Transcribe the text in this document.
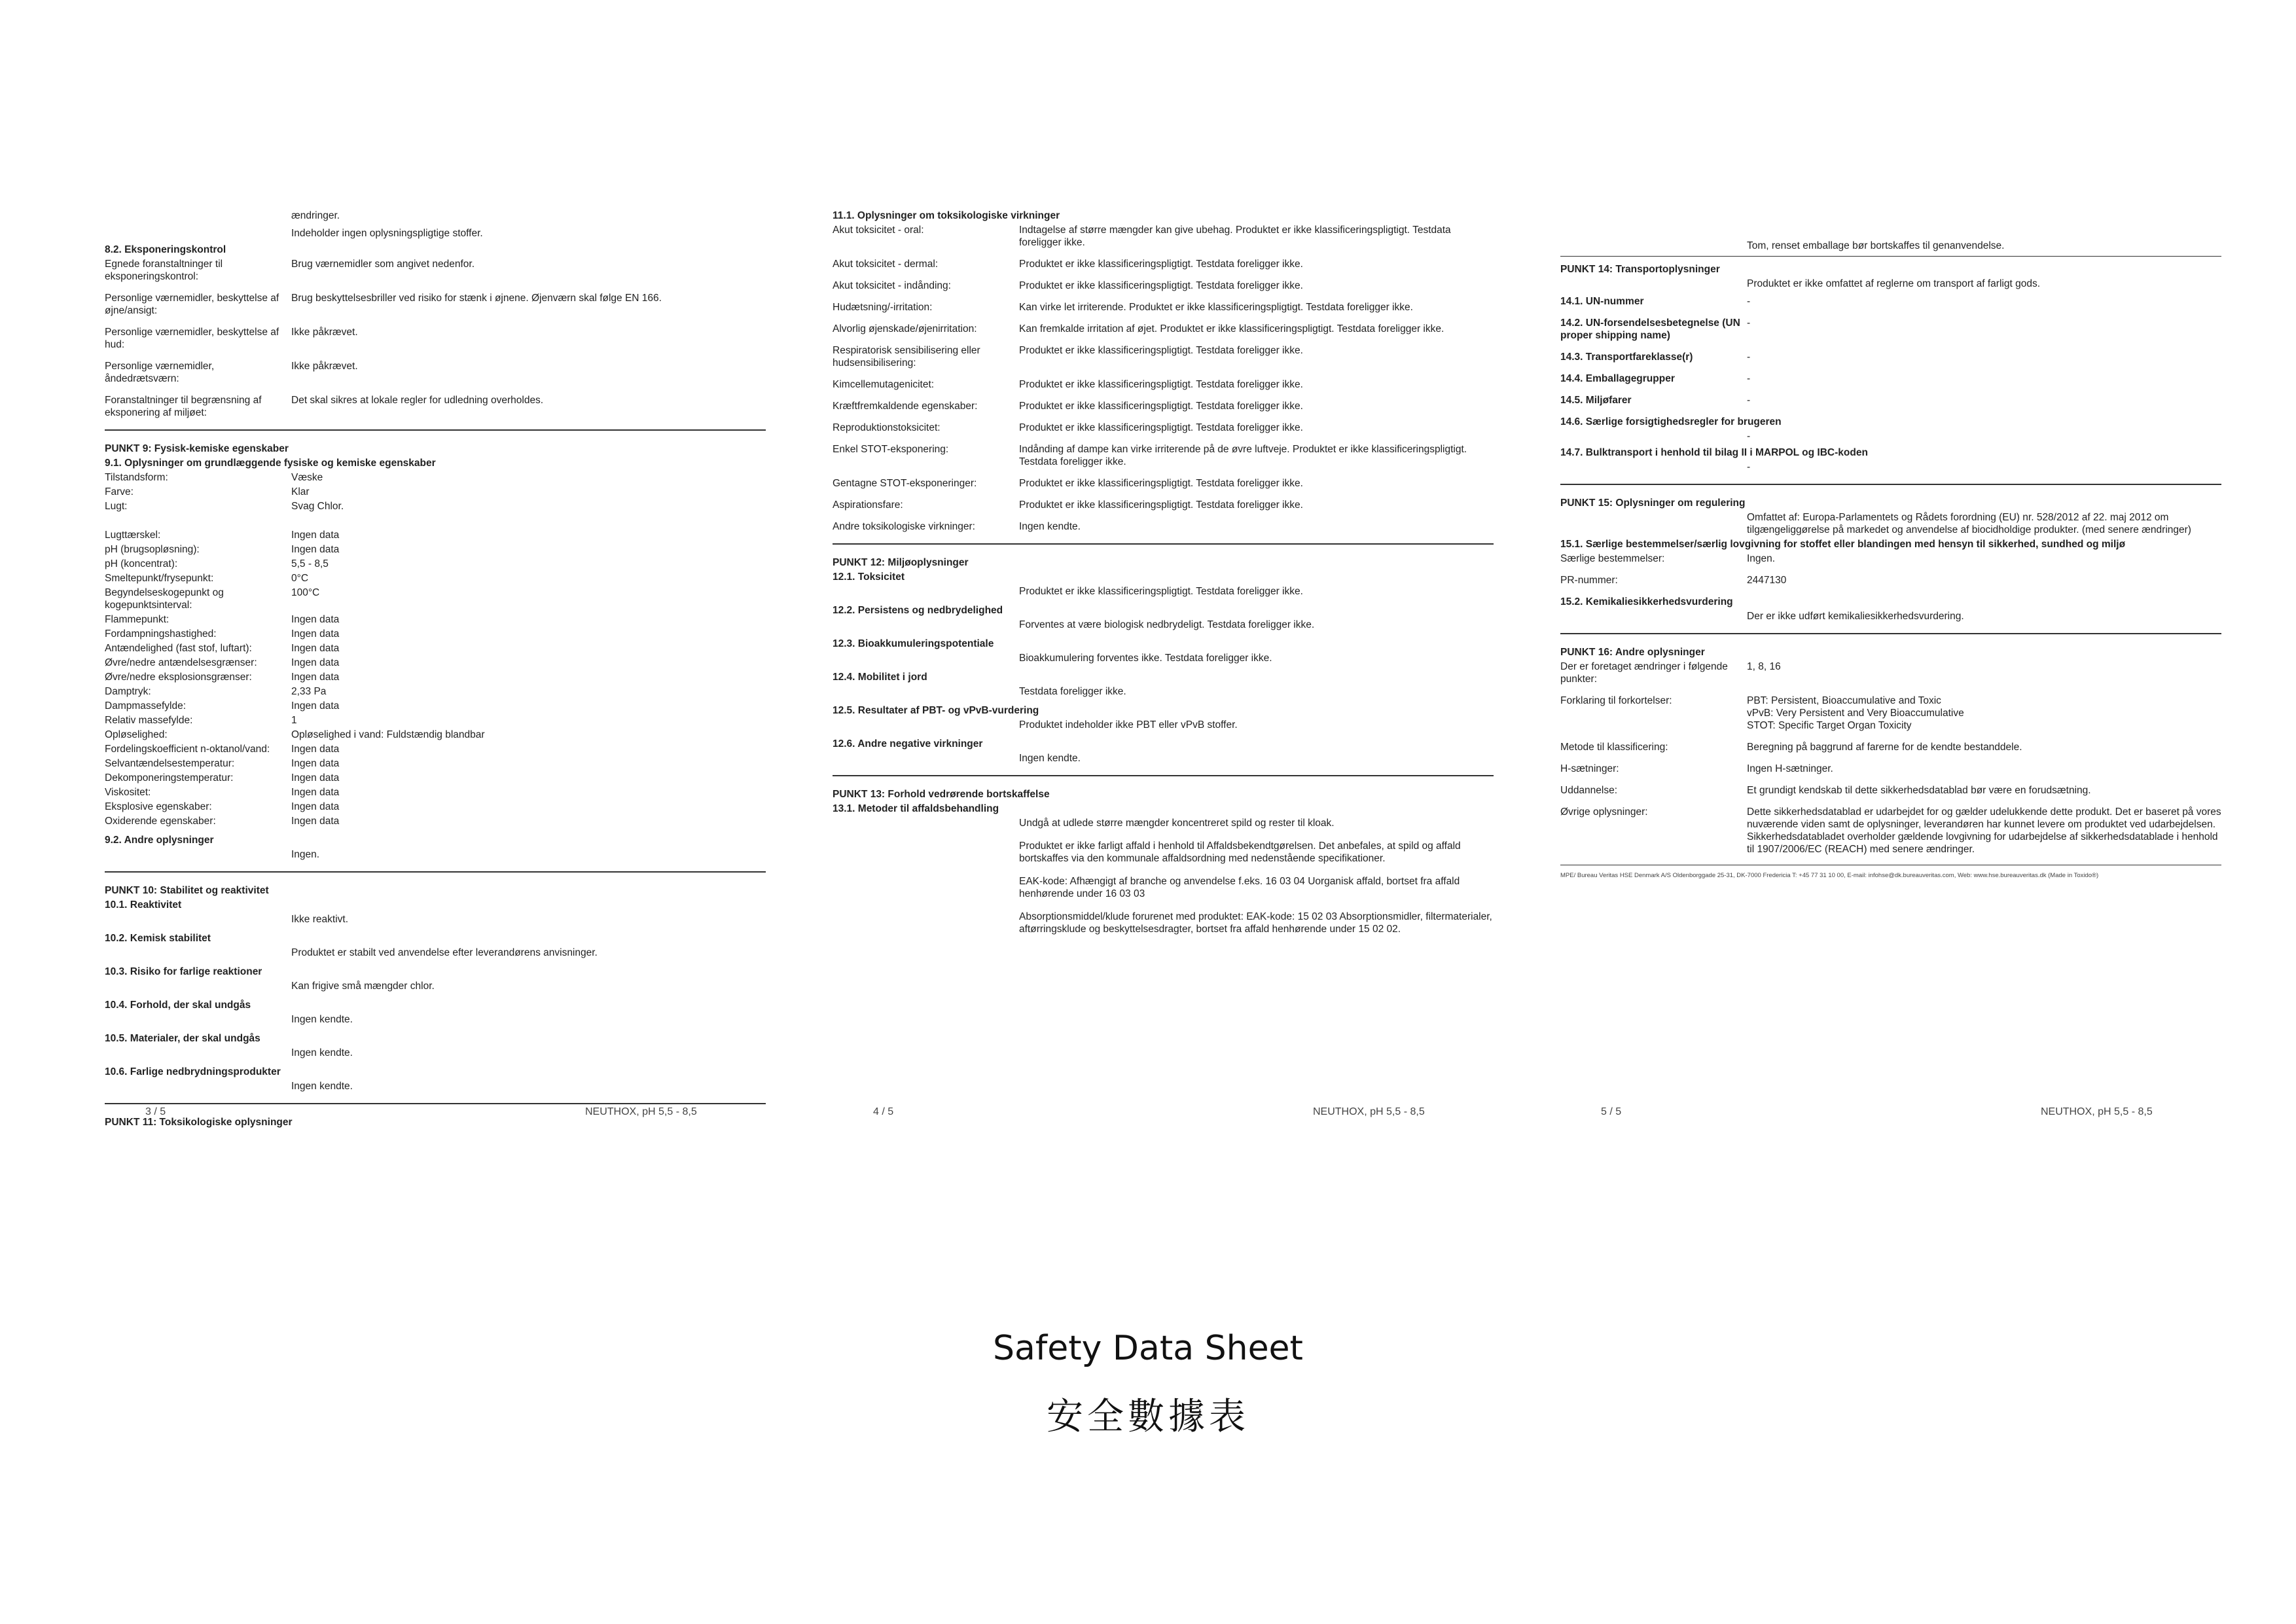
ændringer.
Indeholder ingen oplysningspligtige stoffer.
8.2. Eksponeringskontrol
Egnede foranstaltninger til eksponeringskontrol:
Brug værnemidler som angivet nedenfor.
Personlige værnemidler, beskyttelse af øjne/ansigt:
Brug beskyttelsesbriller ved risiko for stænk i øjnene. Øjenværn skal følge EN 166.
Personlige værnemidler, beskyttelse af hud:
Ikke påkrævet.
Personlige værnemidler, åndedrætsværn:
Ikke påkrævet.
Foranstaltninger til begrænsning af eksponering af miljøet:
Det skal sikres at lokale regler for udledning overholdes.
PUNKT 9: Fysisk-kemiske egenskaber
9.1. Oplysninger om grundlæggende fysiske og kemiske egenskaber
Tilstandsform:	Væske
Farve:	Klar
Lugt:	Svag Chlor.
Lugttærskel:	Ingen data
pH (brugsopløsning):	Ingen data
pH (koncentrat):	5,5 - 8,5
Smeltepunkt/frysepunkt:	0°C
Begyndelseskogepunkt og kogepunktsinterval:
100°C
Flammepunkt:	Ingen data
Fordampningshastighed:	Ingen data
Antændelighed (fast stof, luftart):	Ingen data
Øvre/nedre antændelsesgrænser:	Ingen data
Øvre/nedre eksplosionsgrænser:	Ingen data
Damptryk:	2,33 Pa
Dampmassefylde:	Ingen data
Relativ massefylde:	1
Opløselighed:	Opløselighed i vand: Fuldstændig blandbar
Fordelingskoefficient n-oktanol/vand:	Ingen data
Selvantændelsestemperatur:	Ingen data
Dekomponeringstemperatur:	Ingen data
Viskositet:	Ingen data
Eksplosive egenskaber:	Ingen data
Oxiderende egenskaber:	Ingen data
9.2. Andre oplysninger
Ingen.
PUNKT 10: Stabilitet og reaktivitet
10.1. Reaktivitet
Ikke reaktivt.
10.2. Kemisk stabilitet
Produktet er stabilt ved anvendelse efter leverandørens anvisninger.
10.3. Risiko for farlige reaktioner
Kan frigive små mængder chlor.
10.4. Forhold, der skal undgås
Ingen kendte.
10.5. Materialer, der skal undgås
Ingen kendte.
10.6. Farlige nedbrydningsprodukter
Ingen kendte.
PUNKT 11: Toksikologiske oplysninger
3 / 5	NEUTHOX, pH 5,5 - 8,5
11.1. Oplysninger om toksikologiske virkninger
Akut toksicitet - oral:	Indtagelse af større mængder kan give ubehag. Produktet er ikke klassificeringspligtigt. Testdata foreligger ikke.
Akut toksicitet - dermal:	Produktet er ikke klassificeringspligtigt. Testdata foreligger ikke.
Akut toksicitet - indånding:	Produktet er ikke klassificeringspligtigt. Testdata foreligger ikke.
Hudætsning/-irritation:	Kan virke let irriterende. Produktet er ikke klassificeringspligtigt. Testdata foreligger ikke.
Alvorlig øjenskade/øjenirritation:	Kan fremkalde irritation af øjet. Produktet er ikke klassificeringspligtigt. Testdata foreligger ikke.
Respiratorisk sensibilisering eller hudsensibilisering:
Produktet er ikke klassificeringspligtigt. Testdata foreligger ikke.
Kimcellemutagenicitet:	Produktet er ikke klassificeringspligtigt. Testdata foreligger ikke.
Kræftfremkaldende egenskaber:	Produktet er ikke klassificeringspligtigt. Testdata foreligger ikke.
Reproduktionstoksicitet:	Produktet er ikke klassificeringspligtigt. Testdata foreligger ikke.
Enkel STOT-eksponering:	Indånding af dampe kan virke irriterende på de øvre luftveje. Produktet er ikke klassificeringspligtigt. Testdata foreligger ikke.
Gentagne STOT-eksponeringer:	Produktet er ikke klassificeringspligtigt. Testdata foreligger ikke.
Aspirationsfare:	Produktet er ikke klassificeringspligtigt. Testdata foreligger ikke.
Andre toksikologiske virkninger:	Ingen kendte.
PUNKT 12: Miljøoplysninger
12.1. Toksicitet
Produktet er ikke klassificeringspligtigt. Testdata foreligger ikke.
12.2. Persistens og nedbrydelighed
Forventes at være biologisk nedbrydeligt. Testdata foreligger ikke.
12.3. Bioakkumuleringspotentiale
Bioakkumulering forventes ikke. Testdata foreligger ikke.
12.4. Mobilitet i jord
Testdata foreligger ikke.
12.5. Resultater af PBT- og vPvB-vurdering
Produktet indeholder ikke PBT eller vPvB stoffer.
12.6. Andre negative virkninger
Ingen kendte.
PUNKT 13: Forhold vedrørende bortskaffelse
13.1. Metoder til affaldsbehandling
Undgå at udlede større mængder koncentreret spild og rester til kloak.
Produktet er ikke farligt affald i henhold til Affaldsbekendtgørelsen. Det anbefales, at spild og affald bortskaffes via den kommunale affaldsordning med nedenstående specifikationer.
EAK-kode: Afhængigt af branche og anvendelse f.eks. 16 03 04 Uorganisk affald, bortset fra affald henhørende under 16 03 03
Absorptionsmiddel/klude forurenet med produktet: EAK-kode: 15 02 03 Absorptionsmidler, filtermaterialer, aftørringsklude og beskyttelsesdragter, bortset fra affald henhørende under 15 02 02.
4 / 5	NEUTHOX, pH 5,5 - 8,5
Tom, renset emballage bør bortskaffes til genanvendelse.
PUNKT 14: Transportoplysninger
Produktet er ikke omfattet af reglerne om transport af farligt gods.
14.1. UN-nummer	-
14.2. UN-forsendelsesbetegnelse (UN proper shipping name)
-
14.3. Transportfareklasse(r)	-
14.4. Emballagegrupper	-
14.5. Miljøfarer	-
14.6. Særlige forsigtighedsregler for brugeren
-
14.7. Bulktransport i henhold til bilag II i MARPOL og IBC-koden
-
PUNKT 15: Oplysninger om regulering
Omfattet af: Europa-Parlamentets og Rådets forordning (EU) nr. 528/2012 af 22. maj 2012 om tilgængeliggørelse på markedet og anvendelse af biocidholdige produkter. (med senere ændringer)
15.1. Særlige bestemmelser/særlig lovgivning for stoffet eller blandingen med hensyn til sikkerhed, sundhed og miljø
Særlige bestemmelser:	Ingen.
PR-nummer:	2447130
15.2. Kemikaliesikkerhedsvurdering
Der er ikke udført kemikaliesikkerhedsvurdering.
PUNKT 16: Andre oplysninger
Der er foretaget ændringer i følgende punkter:
1, 8, 16
Forklaring til forkortelser:	PBT: Persistent, Bioaccumulative and Toxic
vPvB: Very Persistent and Very Bioaccumulative
STOT: Specific Target Organ Toxicity
Metode til klassificering:	Beregning på baggrund af farerne for de kendte bestanddele.
H-sætninger:	Ingen H-sætninger.
Uddannelse:	Et grundigt kendskab til dette sikkerhedsdatablad bør være en forudsætning.
Øvrige oplysninger:	Dette sikkerhedsdatablad er udarbejdet for og gælder udelukkende dette produkt. Det er baseret på vores nuværende viden samt de oplysninger, leverandøren har kunnet levere om produktet ved udarbejdelsen. Sikkerhedsdatabladet overholder gældende lovgivning for udarbejdelse af sikkerhedsdatablade i henhold til 1907/2006/EC (REACH) med senere ændringer.
MPE/ Bureau Veritas HSE Denmark A/S Oldenborggade 25-31, DK-7000 Fredericia T: +45 77 31 10 00, E-mail: infohse@dk.bureauveritas.com, Web: www.hse.bureauveritas.dk (Made in Toxido®)
5 / 5	NEUTHOX, pH 5,5 - 8,5
Safety Data Sheet
安全數據表
